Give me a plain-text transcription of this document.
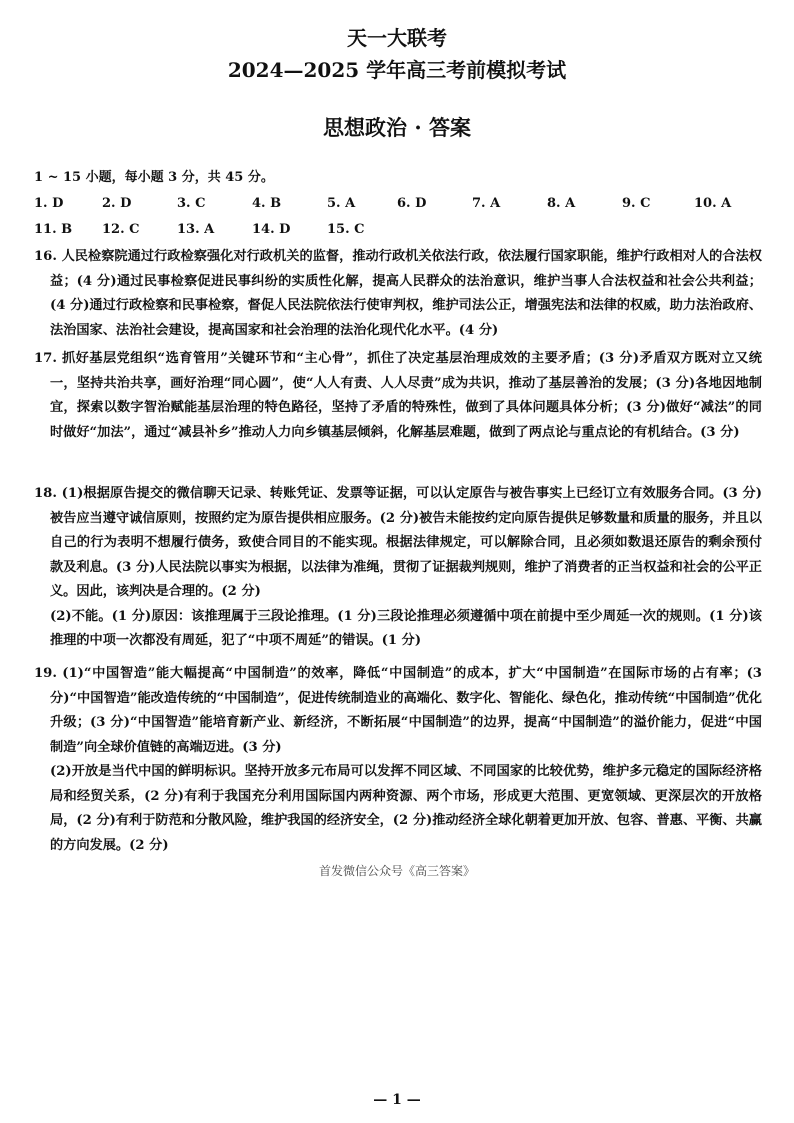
天一大联考
2024—2025 学年高三考前模拟考试
思想政治 · 答案
1 ~ 15 小题，每小题 3 分，共 45 分。
1. D	2. D	3. C	4. B	5. A	6. D	7. A	8. A	9. C	10. A
11. B 12. C	13. A	14. D	15. C

16. 人民检察院通过行政检察强化对行政机关的监督，推动行政机关依法行政，依法履行国家职能，维护行政相对人的合法权益；(4 分)通过民事检察促进民事纠纷的实质性化解，提高人民群众的法治意识，维护当事人合法权益和社会公共利益；(4 分)通过行政检察和民事检察，督促人民法院依法行使审判权，维护司法公正，增强宪法和法律的权威，助力法治政府、法治国家、法治社会建设，提高国家和社会治理的法治化现代化水平。(4 分)

17. 抓好基层党组织“选育管用”关键环节和“主心骨”，抓住了决定基层治理成效的主要矛盾；(3 分)矛盾双方既对立又统一，坚持共治共享，画好治理“同心圆”，使“人人有责、人人尽责”成为共识，推动了基层善治的发展；(3 分)各地因地制宜，探索以数字智治赋能基层治理的特色路径，坚持了矛盾的特殊性，做到了具体问题具体分析；(3 分)做好“减法”的同时做好“加法”，通过“减县补乡”推动人力向乡镇基层倾斜，化解基层难题，做到了两点论与重点论的有机结合。(3 分)

18. (1)根据原告提交的微信聊天记录、转账凭证、发票等证据，可以认定原告与被告事实上已经订立有效服务合同。(3 分)被告应当遵守诚信原则，按照约定为原告提供相应服务。(2 分)被告未能按约定向原告提供足够数量和质量的服务，并且以自己的行为表明不想履行债务，致使合同目的不能实现。根据法律规定，可以解除合同，且必须如数退还原告的剩余预付款及利息。(3 分)人民法院以事实为根据，以法律为准绳，贯彻了证据裁判规则，维护了消费者的正当权益和社会的公平正义。因此，该判决是合理的。(2 分)

(2)不能。(1 分)原因：该推理属于三段论推理。(1 分)三段论推理必须遵循中项在前提中至少周延一次的规则。(1 分)该推理的中项一次都没有周延，犯了“中项不周延”的错误。(1 分)

19. (1)“中国智造”能大幅提高“中国制造”的效率，降低“中国制造”的成本，扩大“中国制造”在国际市场的占有率；(3 分)“中国智造”能改造传统的“中国制造”，促进传统制造业的高端化、数字化、智能化、绿色化，推动传统“中国制造”优化升级；(3 分)“中国智造”能培育新产业、新经济，不断拓展“中国制造”的边界，提高“中国制造”的溢价能力，促进“中国制造”向全球价值链的高端迈进。(3 分)

(2)开放是当代中国的鲜明标识。坚持开放多元布局可以发挥不同区域、不同国家的比较优势，维护多元稳定的国际经济格局和经贸关系，(2 分)有利于我国充分利用国际国内两种资源、两个市场，形成更大范围、更宽领域、更深层次的开放格局，(2 分)有利于防范和分散风险，维护我国的经济安全，(2 分)推动经济全球化朝着更加开放、包容、普惠、平衡、共赢的方向发展。(2 分)

首发微信公众号《高三答案》
— 1 —
